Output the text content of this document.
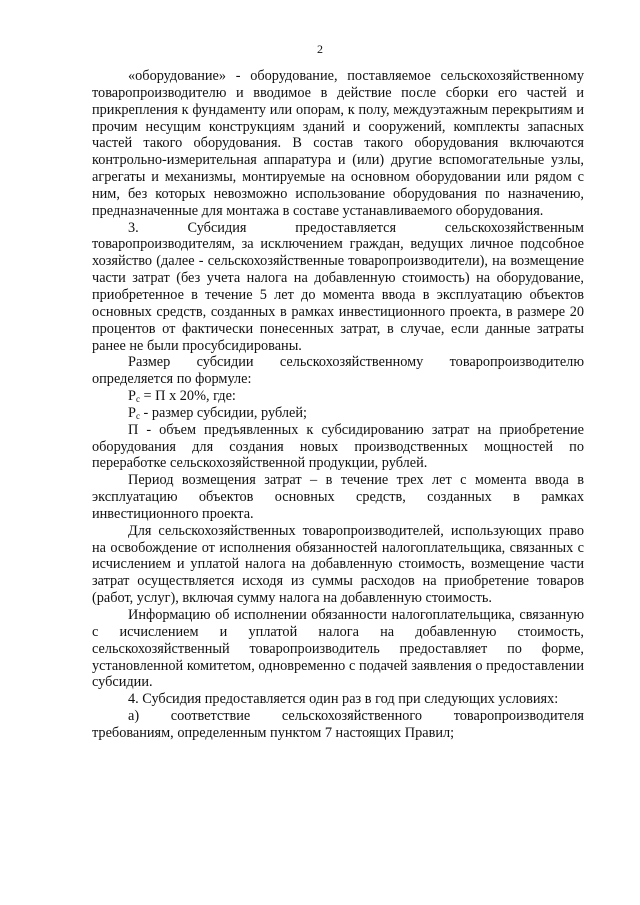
2

«оборудование» - оборудование, поставляемое сельскохозяйственному товаропроизводителю и вводимое в действие после сборки его частей и прикрепления к фундаменту или опорам, к полу, междуэтажным перекрытиям и прочим несущим конструкциям зданий и сооружений, комплекты запасных частей такого оборудования. В состав такого оборудования включаются контрольно-измерительная аппаратура и (или) другие вспомогательные узлы, агрегаты и механизмы, монтируемые на основном оборудовании или рядом с ним, без которых невозможно использование оборудования по назначению, предназначенные для монтажа в составе устанавливаемого оборудования.

3. Субсидия предоставляется сельскохозяйственным товаропроизводителям, за исключением граждан, ведущих личное подсобное хозяйство (далее - сельскохозяйственные товаропроизводители), на возмещение части затрат (без учета налога на добавленную стоимость) на оборудование, приобретенное в течение 5 лет до момента ввода в эксплуатацию объектов основных средств, созданных в рамках инвестиционного проекта, в размере 20 процентов от фактически понесенных затрат, в случае, если данные затраты ранее не были просубсидированы.

Размер субсидии сельскохозяйственному товаропроизводителю определяется по формуле:

$P_c = П$ х 20%, где:

$P_c$ - размер субсидии, рублей;

П - объем предъявленных к субсидированию затрат на приобретение оборудования для создания новых производственных мощностей по переработке сельскохозяйственной продукции, рублей.

Период возмещения затрат – в течение трех лет с момента ввода в эксплуатацию объектов основных средств, созданных в рамках инвестиционного проекта.

Для сельскохозяйственных товаропроизводителей, использующих право на освобождение от исполнения обязанностей налогоплательщика, связанных с исчислением и уплатой налога на добавленную стоимость, возмещение части затрат осуществляется исходя из суммы расходов на приобретение товаров (работ, услуг), включая сумму налога на добавленную стоимость.

Информацию об исполнении обязанности налогоплательщика, связанную с исчислением и уплатой налога на добавленную стоимость, сельскохозяйственный товаропроизводитель предоставляет по форме, установленной комитетом, одновременно с подачей заявления о предоставлении субсидии.

4. Субсидия предоставляется один раз в год при следующих условиях:

а) соответствие сельскохозяйственного товаропроизводителя требованиям, определенным пунктом 7 настоящих Правил;
